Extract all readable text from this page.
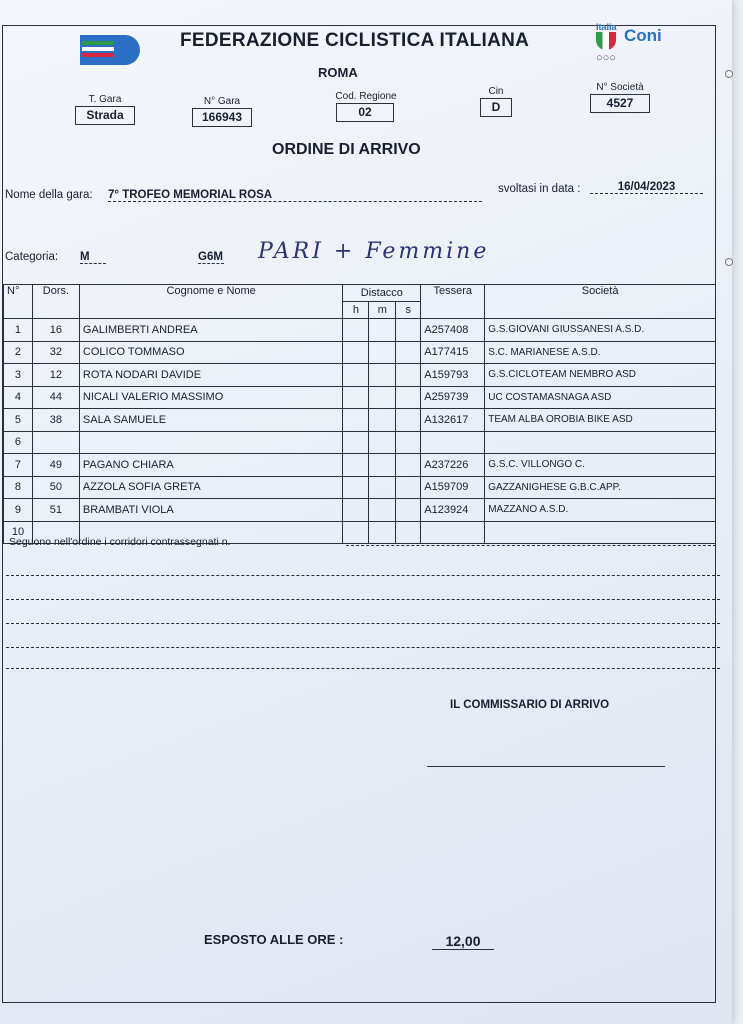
FEDERAZIONE CICLISTICA ITALIANA
ROMA
Italia Coni
○○○
T. Gara
Strada
N° Gara
166943
Cod. Regione
02
Cin
D
N° Società
4527
ORDINE DI ARRIVO
Nome della gara: 7° TROFEO MEMORIAL ROSA	svoltasi in data :	16/04/2023
Categoria: M	G6M PARI + Femmine
N°	Dors.	Cognome e Nome	Distacco			Tessera	Società
			h	m	s		
1	16	GALIMBERTI ANDREA				A257408	G.S.GIOVANI GIUSSANESI A.S.D.
2	32	COLICO TOMMASO				A177415	S.C. MARIANESE A.S.D.
3	12	ROTA NODARI DAVIDE				A159793	G.S.CICLOTEAM NEMBRO ASD
4	44	NICALI VALERIO MASSIMO				A259739	UC COSTAMASNAGA ASD
5	38	SALA SAMUELE				A132617	TEAM ALBA OROBIA BIKE ASD
6							
7	49	PAGANO CHIARA				A237226	G.S.C. VILLONGO C.
8	50	AZZOLA SOFIA GRETA				A159709	GAZZANIGHESE G.B.C.APP.
9	51	BRAMBATI VIOLA				A123924	MAZZANO A.S.D.
10							
Seguono nell'ordine i corridori contrassegnati n.
IL COMMISSARIO DI ARRIVO
ESPOSTO ALLE ORE :	12,00
